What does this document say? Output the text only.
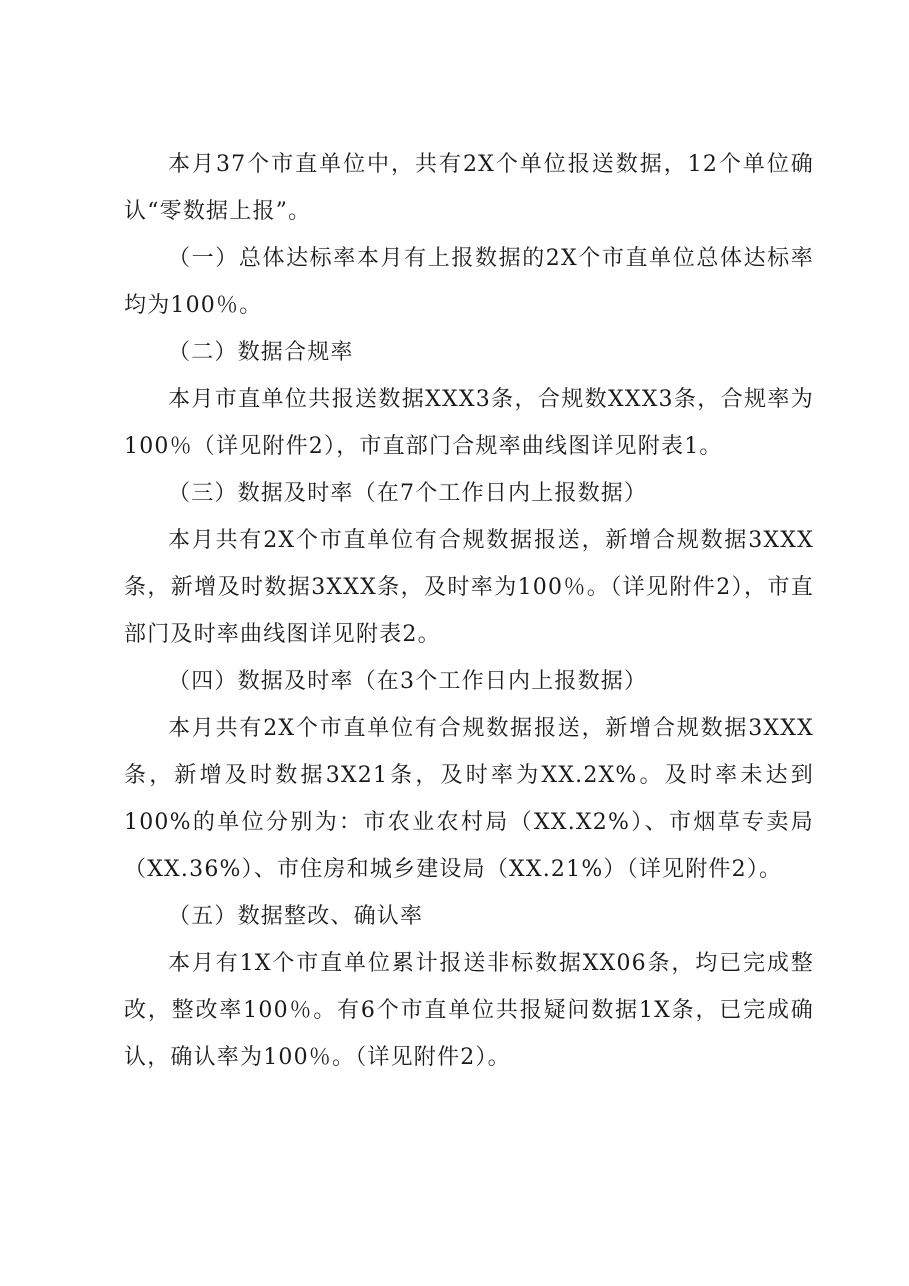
本月37个市直单位中，共有2X个单位报送数据，12个单位确认“零数据上报”。

（一）总体达标率本月有上报数据的2X个市直单位总体达标率均为100％。

（二）数据合规率

本月市直单位共报送数据XXX3条，合规数XXX3条，合规率为100％（详见附件2），市直部门合规率曲线图详见附表1。

（三）数据及时率（在7个工作日内上报数据）

本月共有2X个市直单位有合规数据报送，新增合规数据3XXX条，新增及时数据3XXX条，及时率为100％。（详见附件2），市直部门及时率曲线图详见附表2。

（四）数据及时率（在3个工作日内上报数据）

本月共有2X个市直单位有合规数据报送，新增合规数据3XXX条，新增及时数据3X21条，及时率为XX.2X%。及时率未达到100%的单位分别为：市农业农村局（XX.X2%）、市烟草专卖局（XX.36%）、市住房和城乡建设局（XX.21%）（详见附件2）。

（五）数据整改、确认率

本月有1X个市直单位累计报送非标数据XX06条，均已完成整改，整改率100％。有6个市直单位共报疑问数据1X条，已完成确认，确认率为100％。（详见附件2）。
